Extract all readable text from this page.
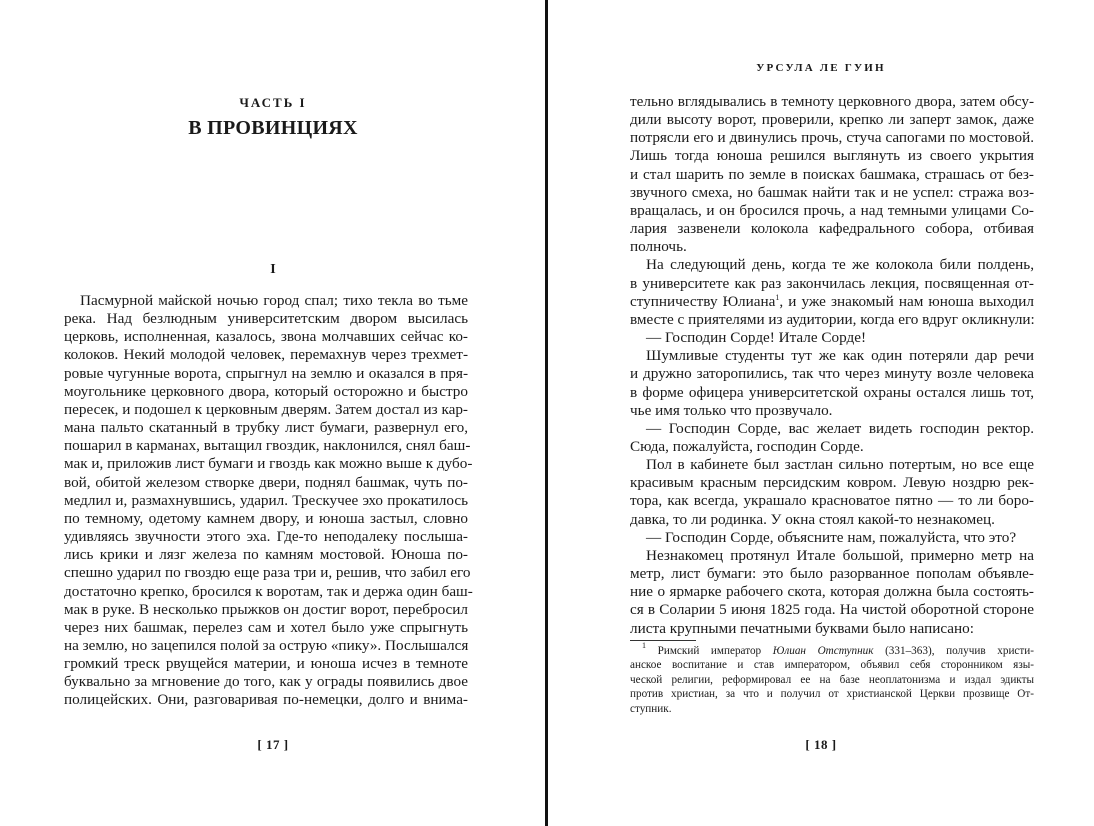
ЧАСТЬ I
В ПРОВИНЦИЯХ
I
Пасмурной майской ночью город спал; тихо текла во тьме
река. Над безлюдным университетским двором высилась
церковь, исполненная, казалось, звона молчавших сейчас ко-
колоков. Некий молодой человек, перемахнув через трехмет-
ровые чугунные ворота, спрыгнул на землю и оказался в пря-
моугольнике церковного двора, который осторожно и быстро
пересек, и подошел к церковным дверям. Затем достал из кар-
мана пальто скатанный в трубку лист бумаги, развернул его,
пошарил в карманах, вытащил гвоздик, наклонился, снял баш-
мак и, приложив лист бумаги и гвоздь как можно выше к дубо-
вой, обитой железом створке двери, поднял башмак, чуть по-
медлил и, размахнувшись, ударил. Трескучее эхо прокатилось
по темному, одетому камнем двору, и юноша застыл, словно
удивляясь звучности этого эха. Где-то неподалеку послыша-
лись крики и лязг железа по камням мостовой. Юноша по-
спешно ударил по гвоздю еще раза три и, решив, что забил его
достаточно крепко, бросился к воротам, так и держа один баш-
мак в руке. В несколько прыжков он достиг ворот, перебросил
через них башмак, перелез сам и хотел было уже спрыгнуть
на землю, но зацепился полой за острую «пику». Послышался
громкий треск рвущейся материи, и юноша исчез в темноте
буквально за мгновение до того, как у ограды появились двое
полицейских. Они, разговаривая по-немецки, долго и внима-
[ 17 ]
УРСУЛА ЛЕ ГУИН
тельно вглядывались в темноту церковного двора, затем обсу-
дили высоту ворот, проверили, крепко ли заперт замок, даже
потрясли его и двинулись прочь, стуча сапогами по мостовой.
Лишь тогда юноша решился выглянуть из своего укрытия
и стал шарить по земле в поисках башмака, страшась от без-
звучного смеха, но башмак найти так и не успел: стража воз-
вращалась, и он бросился прочь, а над темными улицами Со-
лария зазвенели колокола кафедрального собора, отбивая
полночь.
На следующий день, когда те же колокола били полдень,
в университете как раз закончилась лекция, посвященная от-
ступничеству Юлиана$^1$, и уже знакомый нам юноша выходил
вместе с приятелями из аудитории, когда его вдруг окликнули:
— Господин Сорде! Итале Сорде!
Шумливые студенты тут же как один потеряли дар речи
и дружно затоpопились, так что через минуту возле человека
в форме офицера университетской охраны остался лишь тот,
чье имя только что прозвучало.
— Господин Сорде, вас желает видеть господин ректор.
Сюда, пожалуйста, господин Сорде.
Пол в кабинете был застлан сильно потертым, но все еще
красивым красным персидским ковром. Левую ноздрю рек-
тора, как всегда, украшало красноватое пятно — то ли боро-
давка, то ли родинка. У окна стоял какой-то незнакомец.
— Господин Сорде, объясните нам, пожалуйста, что это?
Незнакомец протянул Итале большой, примерно метр на
метр, лист бумаги: это было разорванное пополам объявле-
ние о ярмарке рабочего скота, которая должна была состоять-
ся в Соларии 5 июня 1825 года. На чистой оборотной стороне
листа крупными печатными буквами было написано:
$^1$ Римский император Юлиан Отступник (331–363), получив христи-
анское воспитание и став императором, объявил себя сторонником язы-
ческой религии, реформировал ее на базе неоплатонизма и издал эдикты
против христиан, за что и получил от христианской Церкви прозвище От-
ступник.
[ 18 ]
